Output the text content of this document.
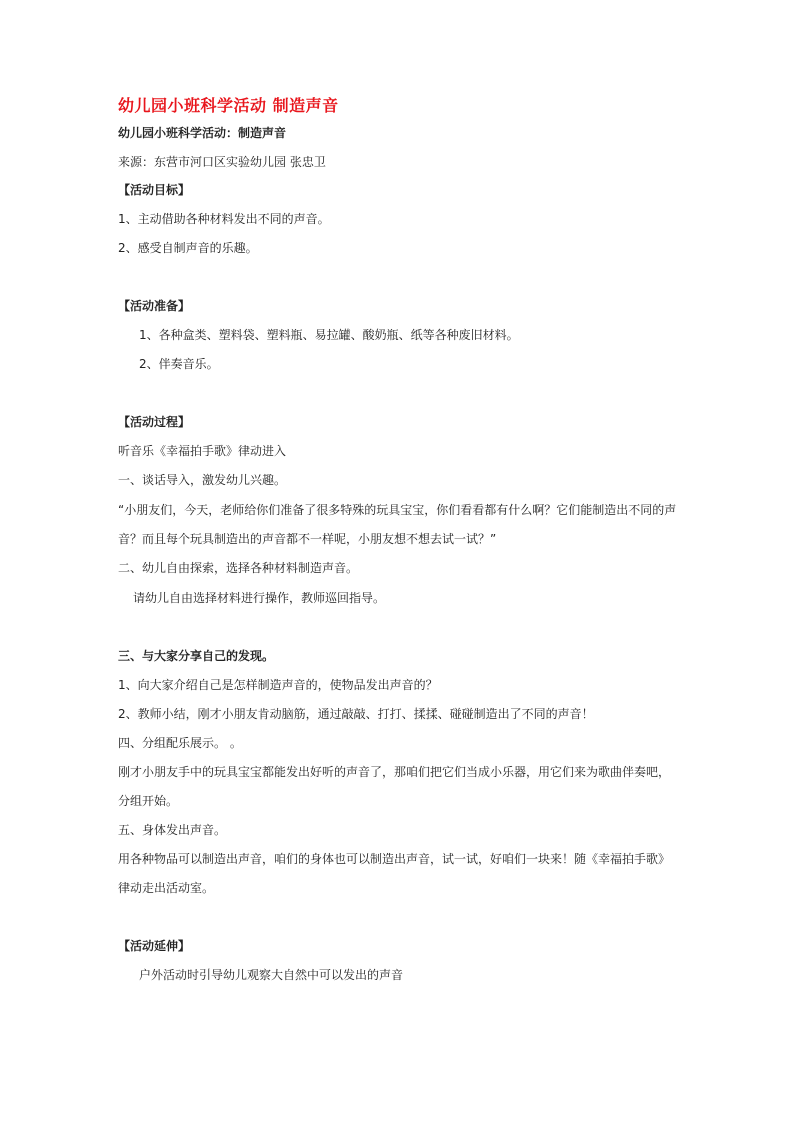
幼儿园小班科学活动 制造声音
幼儿园小班科学活动：制造声音
来源：东营市河口区实验幼儿园 张忠卫
【活动目标】
1、主动借助各种材料发出不同的声音。
2、感受自制声音的乐趣。
【活动准备】
1、各种盒类、塑料袋、塑料瓶、易拉罐、酸奶瓶、纸等各种废旧材料。
2、伴奏音乐。
【活动过程】
听音乐《幸福拍手歌》律动进入
一、谈话导入，激发幼儿兴趣。
“小朋友们，今天，老师给你们准备了很多特殊的玩具宝宝，你们看看都有什么啊？它们能制造出不同的声音？而且每个玩具制造出的声音都不一样呢，小朋友想不想去试一试？”
二、幼儿自由探索，选择各种材料制造声音。
请幼儿自由选择材料进行操作，教师巡回指导。
三、与大家分享自己的发现。
1、向大家介绍自己是怎样制造声音的，使物品发出声音的？
2、教师小结，刚才小朋友肯动脑筋，通过敲敲、打打、揉揉、碰碰制造出了不同的声音！
四、分组配乐展示。 。
刚才小朋友手中的玩具宝宝都能发出好听的声音了，那咱们把它们当成小乐器，用它们来为歌曲伴奏吧，分组开始。
五、身体发出声音。
用各种物品可以制造出声音，咱们的身体也可以制造出声音，试一试，好咱们一块来！随《幸福拍手歌》律动走出活动室。
【活动延伸】
户外活动时引导幼儿观察大自然中可以发出的声音
